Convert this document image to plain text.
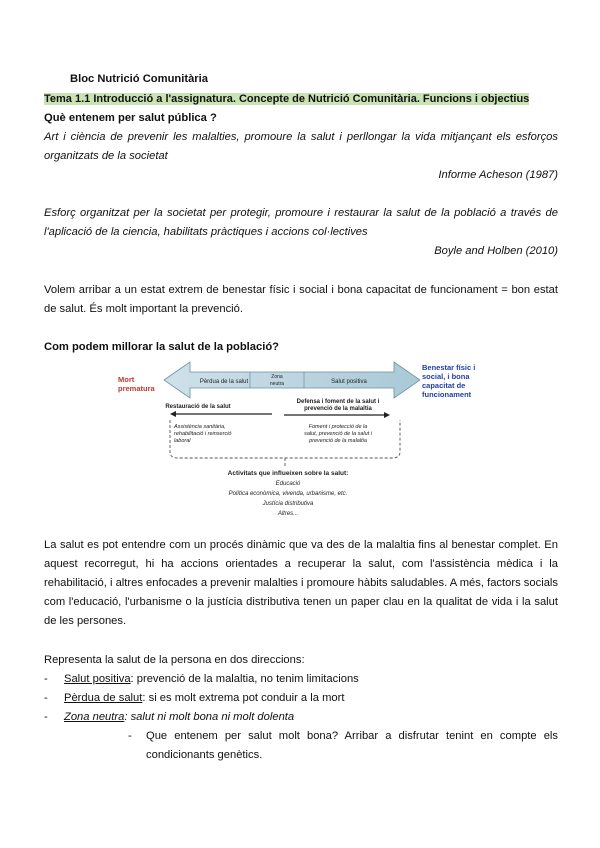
Bloc Nutrició Comunitària
Tema 1.1 Introducció a l'assignatura. Concepte de Nutrició Comunitària. Funcions i objectius
Què entenem per salut pública ?
Art i ciència de prevenir les malalties, promoure la salut i perllongar la vida mitjançant els esforços organitzats de la societat
Informe Acheson (1987)
Esforç organitzat per la societat per protegir, promoure i restaurar la salut de la població a través de l'aplicació de la ciencia, habilitats pràctiques i accions col·lectives
Boyle and Holben (2010)
Volem arribar a un estat extrem de benestar físic i social i bona capacitat de funcionament = bon estat de salut. És molt important la prevenció.
Com podem millorar la salut de la població?
Pèrdua de la salut
Zona
neutra	Salut positiva
Mort
prematura
Benestar físic i
social, i bona
capacitat de
funcionament
Restauració de la salut
Assistència sanitària,
rehabilitació i reinserció
laboral
Defensa i foment de la salut i
prevenció de la malaltia
Foment i protecció de la
salut, prevenció de la salut i
prevenció de la malaltia
Activitats que influeixen sobre la salut:
Educació
Política econòmica, vivenda, urbanisme, etc.
Justícia distributiva
Altres...
La salut es pot entendre com un procés dinàmic que va des de la malaltia fins al benestar complet. En aquest recorregut, hi ha accions orientades a recuperar la salut, com l'assistència mèdica i la rehabilitació, i altres enfocades a prevenir malalties i promoure hàbits saludables. A més, factors socials com l'educació, l'urbanisme o la justícia distributiva tenen un paper clau en la qualitat de vida i la salut de les persones.
Representa la salut de la persona en dos direccions:
-	Salut positiva: prevenció de la malaltia, no tenim limitacions
-	Pèrdua de salut: si es molt extrema pot conduir a la mort
-	Zona neutra: salut ni molt bona ni molt dolenta
-	Que entenem per salut molt bona? Arribar a disfrutar tenint en compte els condicionants genètics.
